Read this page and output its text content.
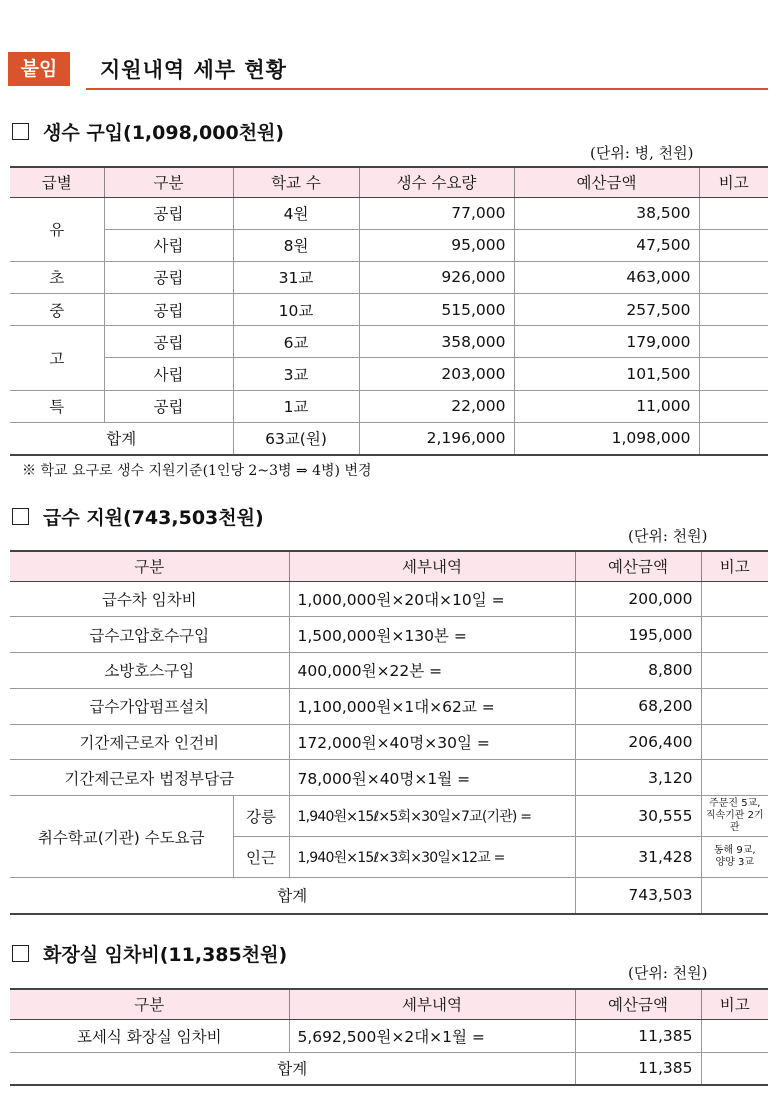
붙임	지원내역 세부 현황
생수 구입(1,098,000천원)
(단위: 병, 천원)
급별	구분	학교 수	생수 수요량	예산금액	비고
유	공립	4원	77,000	38,500	
	사립	8원	95,000	47,500	
초	공립	31교	926,000	463,000	
중	공립	10교	515,000	257,500	
고	공립	6교	358,000	179,000	
	사립	3교	203,000	101,500	
특	공립	1교	22,000	11,000	
합계		63교(원)	2,196,000	1,098,000	
※ 학교 요구로 생수 지원기준(1인당 2~3병 ⇒ 4병) 변경
급수 지원(743,503천원)
(단위: 천원)
구분		세부내역	예산금액	비고
급수차 임차비		1,000,000원×20대×10일 =	200,000	
급수고압호수구입		1,500,000원×130본 =	195,000	
소방호스구입		400,000원×22본 =	8,800	
급수가압펌프설치		1,100,000원×1대×62교 =	68,200	
기간제근로자 인건비		172,000원×40명×30일 =	206,400	
기간제근로자 법정부담금		78,000원×40명×1월 =	3,120	
취수학교(기관) 수도요금	강릉	1,940원×15ℓ×5회×30일×7교(기관) =	30,555	주문진 5교,
직속기관 2기관

	인근	1,940원×15ℓ×3회×30일×12교 =	31,428	동해 9교,
양양 3교

합계			743,503	
화장실 임차비(11,385천원)
(단위: 천원)
구분	세부내역	예산금액	비고
포세식 화장실 임차비	5,692,500원×2대×1월 =	11,385	
합계		11,385	
